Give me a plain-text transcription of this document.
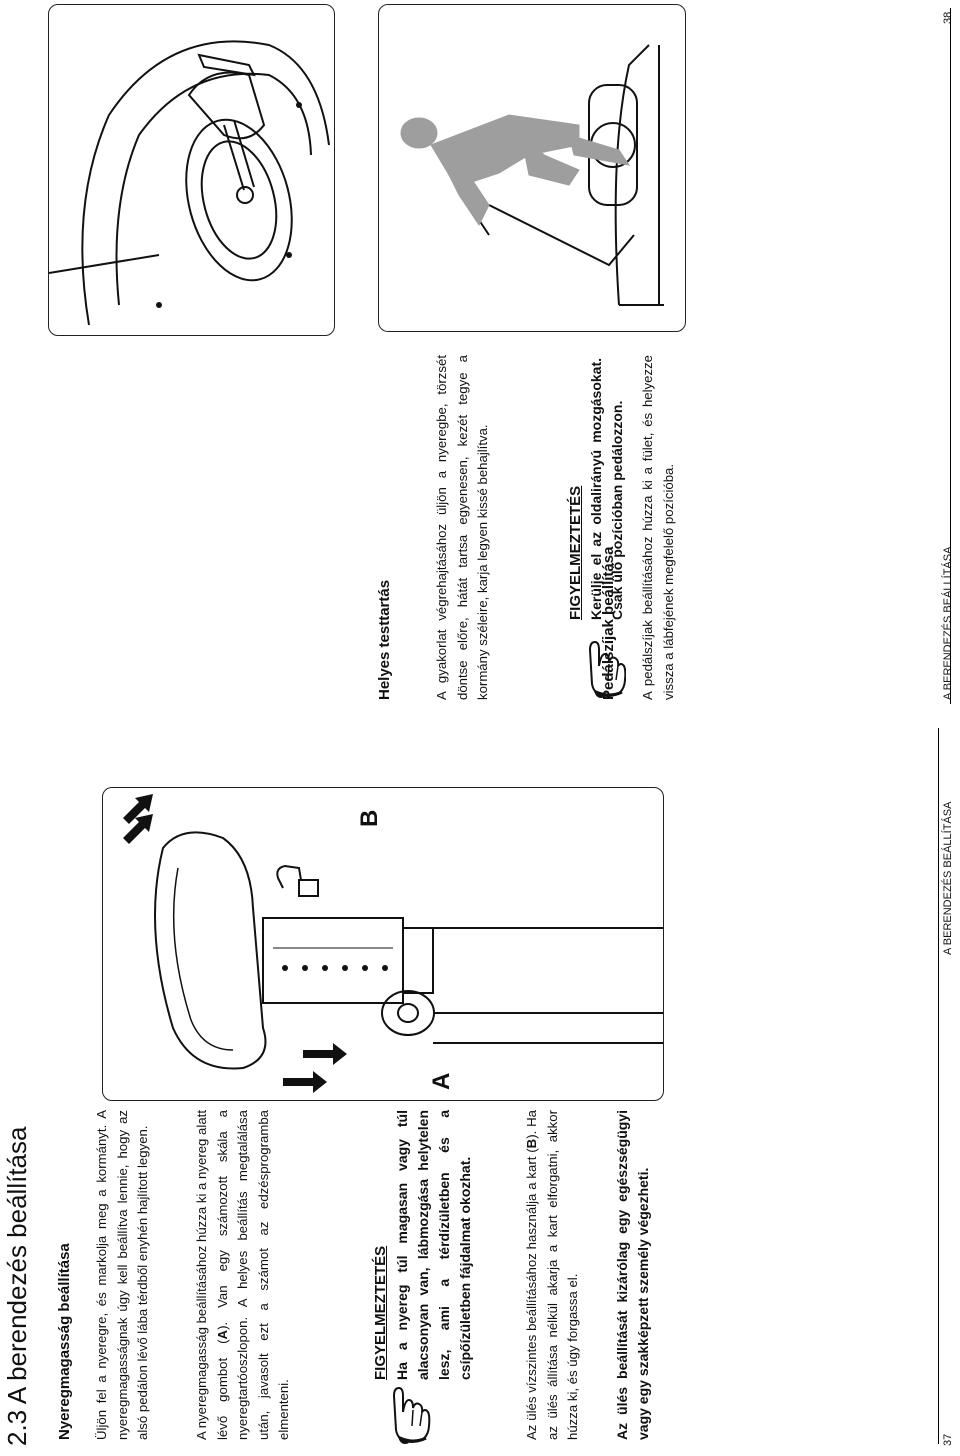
2.3 A berendezés beállítása Nyeregmagasság beállítása Üljön fel a nyeregre, és markolja meg a kormányt. A nyeregmagasságnak úgy kell beállítva lennie, hogy az alsó pedálon lévő lába térdből enyhén hajlított legyen.	A nyeregmagasság beállításához húzza ki a nyereg alatt lévő gombot (A). Van egy számozott skála a nyeregtartóoszlopon. A helyes beállítás megtalálása után, javasolt ezt a számot az edzésprogramba elmenteni.
FIGYELMEZTETÉS Ha a nyereg túl magasan vagy túl alacsonyan van, lábmozgása helytelen lesz, ami a térdízületben és a csípőízületben fájdalmat okozhat.	Az ülés vízszintes beállításához használja a kart (B). Ha az ülés állítása nélkül akarja a kart elforgatni, akkor húzza ki, és úgy forgassa el. Az ülés beállítását kizárólag egy egészségügyi vagy egy szakképzett személy végezheti.
A
B
37
A BERENDEZÉS BEÁLLÍTÁSA
Pedálszíjak beállítása A pedálszíjak beállításához húzza ki a fület, és helyezze vissza a lábfejének megfelelő pozícióba.
Helyes testtartás	A gyakorlat végrehajtásához üljön a nyeregbe, törzsét döntse előre, hátát tartsa egyenesen, kezét tegye a kormány széleire, karja legyen kissé behajlítva.	FIGYELMEZTETÉS Kerülje el az oldalirányú mozgásokat. Csak ülő pozícióban pedálozzon.
A BERENDEZÉS BEÁLLÍTÁSA
38
